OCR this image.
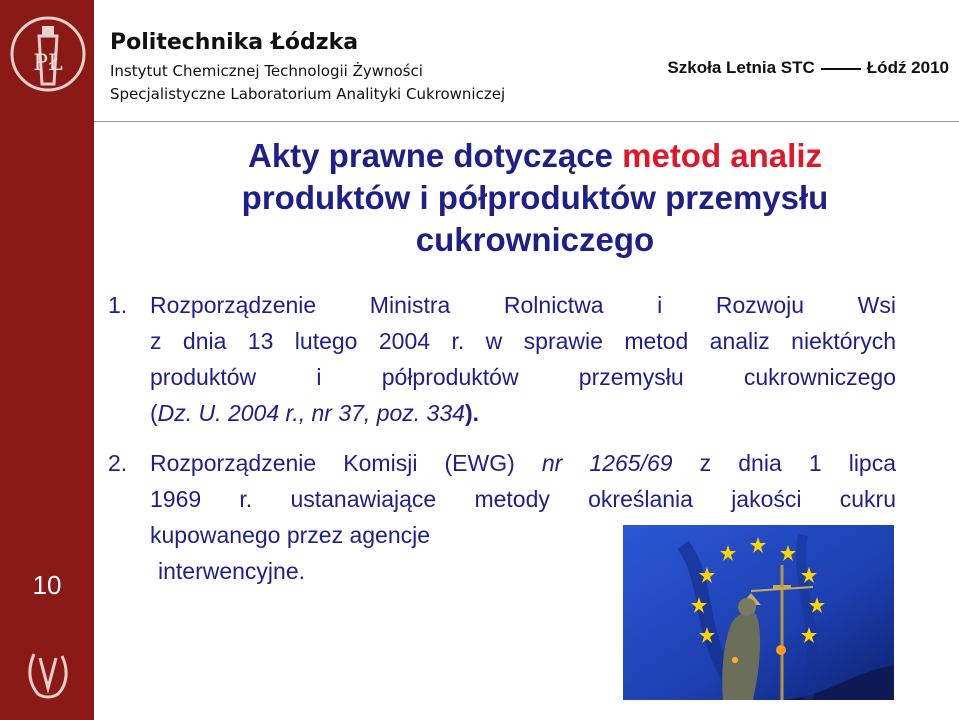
PŁ
10
Politechnika Łódzka
Instytut Chemicznej Technologii Żywności
Specjalistyczne Laboratorium Analityki Cukrowniczej
Szkoła Letnia STC	Łódź 2010
Akty prawne dotyczące metod analiz
produktów i półproduktów przemysłu cukrowniczego
1. Rozporządzenie Ministra Rolnictwa i Rozwoju Wsi
z dnia 13 lutego 2004 r. w sprawie metod analiz niektórych
produktów i półproduktów przemysłu cukrowniczego
(Dz. U. 2004 r., nr 37, poz. 334).
2. Rozporządzenie Komisji (EWG) nr 1265/69 z dnia 1 lipca
1969 r. ustanawiające metody określania jakości cukru
kupowanego przez agencje
interwencyjne.
